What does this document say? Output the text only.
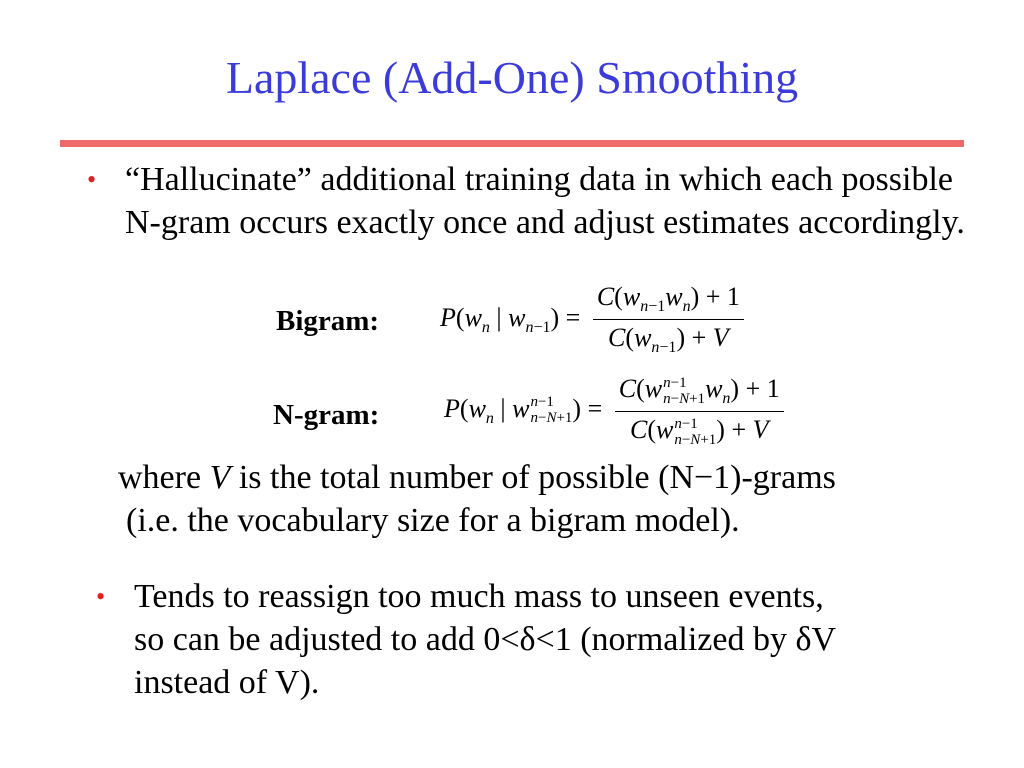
Laplace (Add-One) Smoothing
• “Hallucinate” additional training data in which each possible N-gram occurs exactly once and adjust estimates accordingly.
Bigram:
N-gram:
$P(w_n$ | $w_{n-1}) = \frac{C(w_{n-1}w_n) + 1}{C(w_{n-1}) + V}$
$P(w_n$ | w n−1
n−N+1 ) = C(w n−1
n−N+1 $w_n) + 1$
C(w n−1
n−N+1 ) + V
where V is the total number of possible (N−1)-grams
(i.e. the vocabulary size for a bigram model).
• Tends to reassign too much mass to unseen events,
so can be adjusted to add 0<δ<1 (normalized by δV
instead of V).
